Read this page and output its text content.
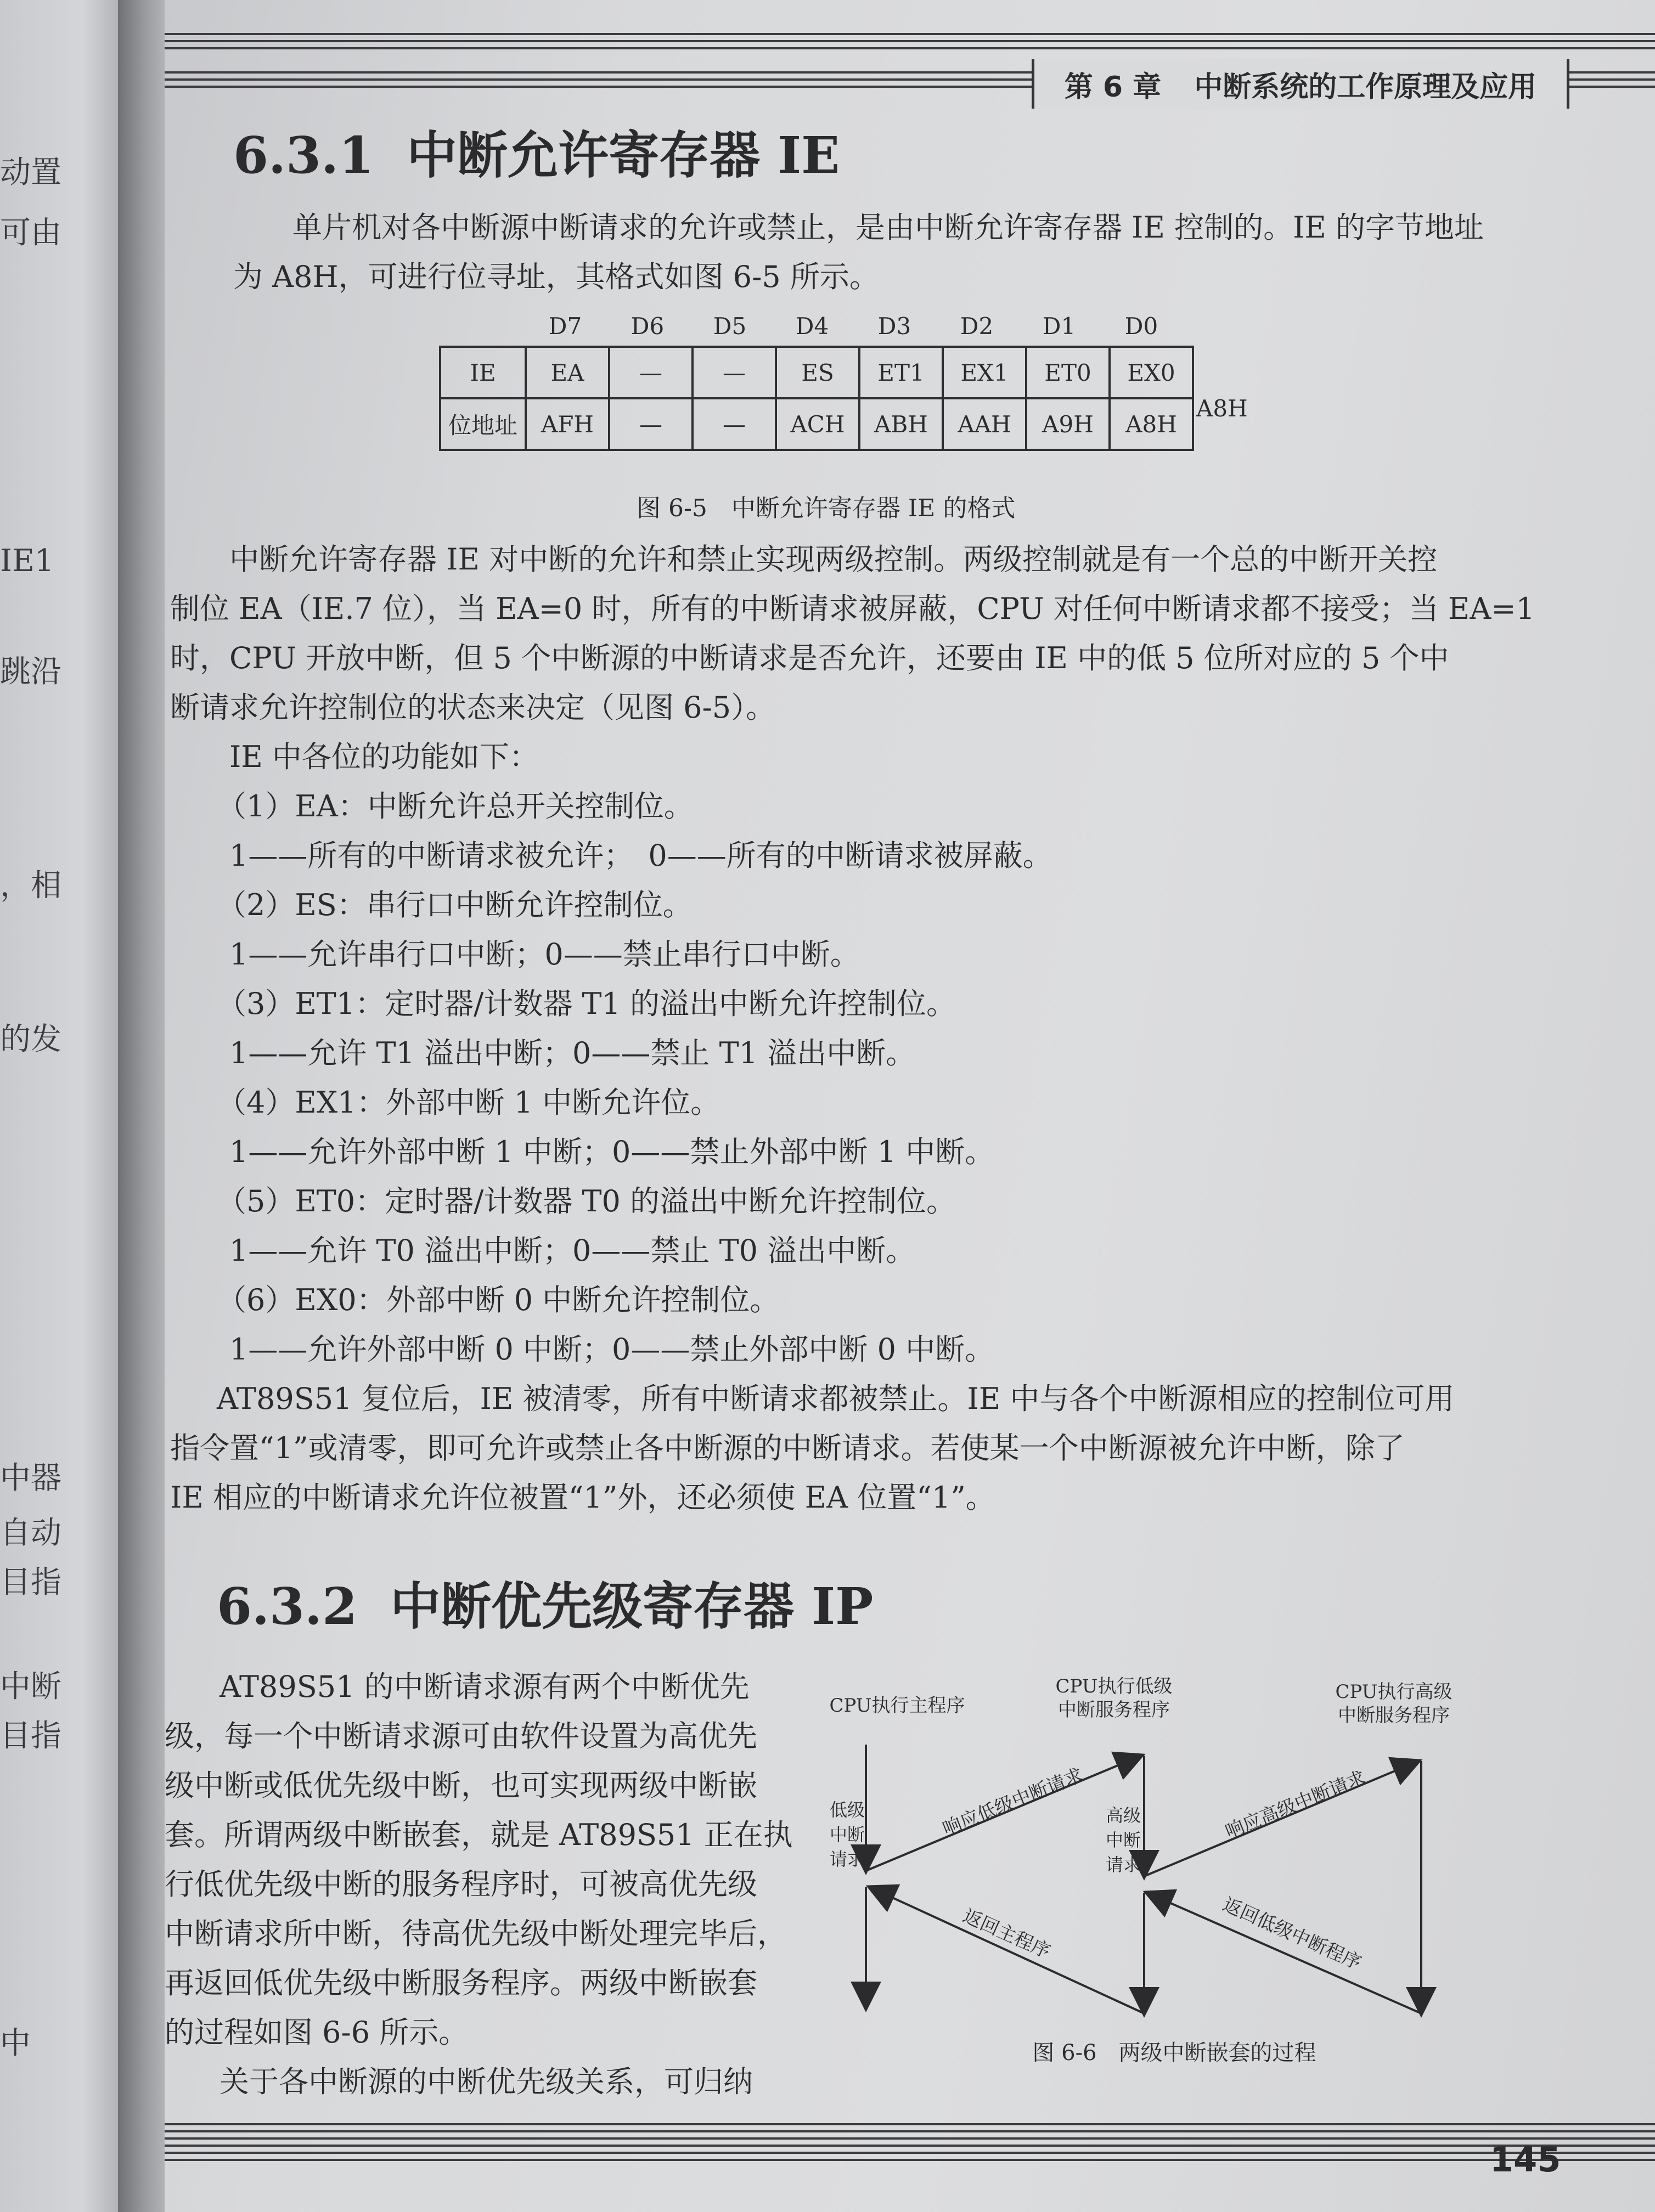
动置
可由
IE1
跳沿
，相
的发
中器
自动
目指
中断
目指
中
第 6 章 中断系统的工作原理及应用
6.3.1 中断允许寄存器 IE
单片机对各中断源中断请求的允许或禁止，是由中断允许寄存器 IE 控制的。IE 的字节地址
为 A8H，可进行位寻址，其格式如图 6-5 所示。
D7	D6	D5	D4	D3	D2	D1	D0
IE	EA	—	—	ES	ET1	EX1	ET0	EX0
位地址	AFH	—	—	ACH	ABH	AAH	A9H	A8H
A8H
图 6-5　中断允许寄存器 IE 的格式
中断允许寄存器 IE 对中断的允许和禁止实现两级控制。两级控制就是有一个总的中断开关控
制位 EA（IE.7 位），当 EA=0 时，所有的中断请求被屏蔽，CPU 对任何中断请求都不接受；当 EA=1
时，CPU 开放中断，但 5 个中断源的中断请求是否允许，还要由 IE 中的低 5 位所对应的 5 个中
断请求允许控制位的状态来决定（见图 6-5）。
IE 中各位的功能如下：
（1）EA：中断允许总开关控制位。
1——所有的中断请求被允许；　0——所有的中断请求被屏蔽。
（2）ES：串行口中断允许控制位。
1——允许串行口中断；0——禁止串行口中断。
（3）ET1：定时器/计数器 T1 的溢出中断允许控制位。
1——允许 T1 溢出中断；0——禁止 T1 溢出中断。
（4）EX1：外部中断 1 中断允许位。
1——允许外部中断 1 中断；0——禁止外部中断 1 中断。
（5）ET0：定时器/计数器 T0 的溢出中断允许控制位。
1——允许 T0 溢出中断；0——禁止 T0 溢出中断。
（6）EX0：外部中断 0 中断允许控制位。
1——允许外部中断 0 中断；0——禁止外部中断 0 中断。
AT89S51 复位后，IE 被清零，所有中断请求都被禁止。IE 中与各个中断源相应的控制位可用
指令置“1”或清零，即可允许或禁止各中断源的中断请求。若使某一个中断源被允许中断，除了
IE 相应的中断请求允许位被置“1”外，还必须使 EA 位置“1”。
6.3.2 中断优先级寄存器 IP
AT89S51 的中断请求源有两个中断优先
级，每一个中断请求源可由软件设置为高优先
级中断或低优先级中断，也可实现两级中断嵌
套。所谓两级中断嵌套，就是 AT89S51 正在执
行低优先级中断的服务程序时，可被高优先级
中断请求所中断，待高优先级中断处理完毕后，
再返回低优先级中断服务程序。两级中断嵌套
的过程如图 6-6 所示。
关于各中断源的中断优先级关系，可归纳
CPU执行主程序
CPU执行低级
中断服务程序
CPU执行高级
中断服务程序
低级
中断
请求
高级
中断
请求
响应低级中断请求	响应高级中断请求
返回主程序	返回低级中断程序
图 6-6　两级中断嵌套的过程
145
